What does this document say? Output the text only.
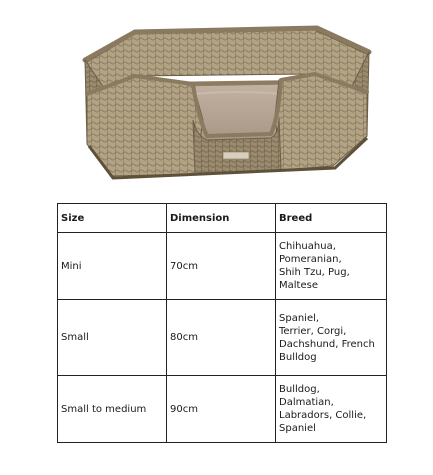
Size	Dimension	Breed
Mini	70cm	Chihuahua,
Pomeranian,
Shih Tzu, Pug,
Maltese

Small	80cm	Spaniel,
Terrier, Corgi,
Dachshund, French
Bulldog

Small to medium	90cm	Bulldog,
Dalmatian,
Labradors, Collie,
Spaniel
